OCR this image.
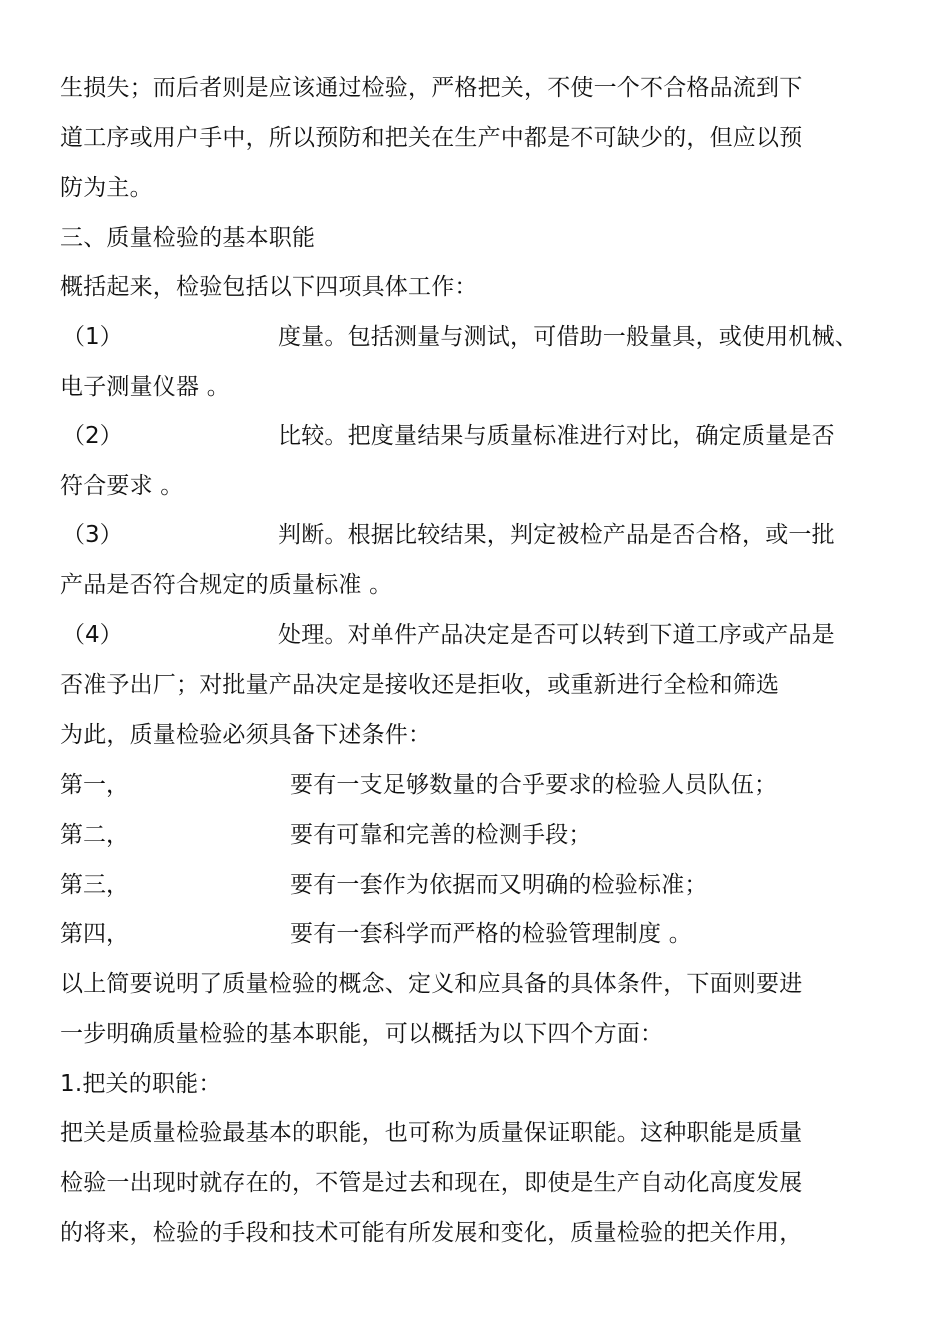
生损失；而后者则是应该通过检验，严格把关，不使一个不合格品流到下
道工序或用户手中，所以预防和把关在生产中都是不可缺少的，但应以预
防为主。
三、质量检验的基本职能
概括起来，检验包括以下四项具体工作：
（1）	度量。包括测量与测试，可借助一般量具，或使用机械、
电子测量仪器 。
（2）	比较。把度量结果与质量标准进行对比，确定质量是否
符合要求 。
（3）	判断。根据比较结果，判定被检产品是否合格，或一批
产品是否符合规定的质量标准 。
（4）	处理。对单件产品决定是否可以转到下道工序或产品是
否准予出厂；对批量产品决定是接收还是拒收，或重新进行全检和筛选
为此，质量检验必须具备下述条件：
第一，	要有一支足够数量的合乎要求的检验人员队伍；
第二，	要有可靠和完善的检测手段；
第三，	要有一套作为依据而又明确的检验标准；
第四，	要有一套科学而严格的检验管理制度 。
以上简要说明了质量检验的概念、定义和应具备的具体条件，下面则要进
一步明确质量检验的基本职能，可以概括为以下四个方面：
1.把关的职能：
把关是质量检验最基本的职能，也可称为质量保证职能。这种职能是质量
检验一出现时就存在的，不管是过去和现在，即使是生产自动化高度发展
的将来，检验的手段和技术可能有所发展和变化，质量检验的把关作用，
